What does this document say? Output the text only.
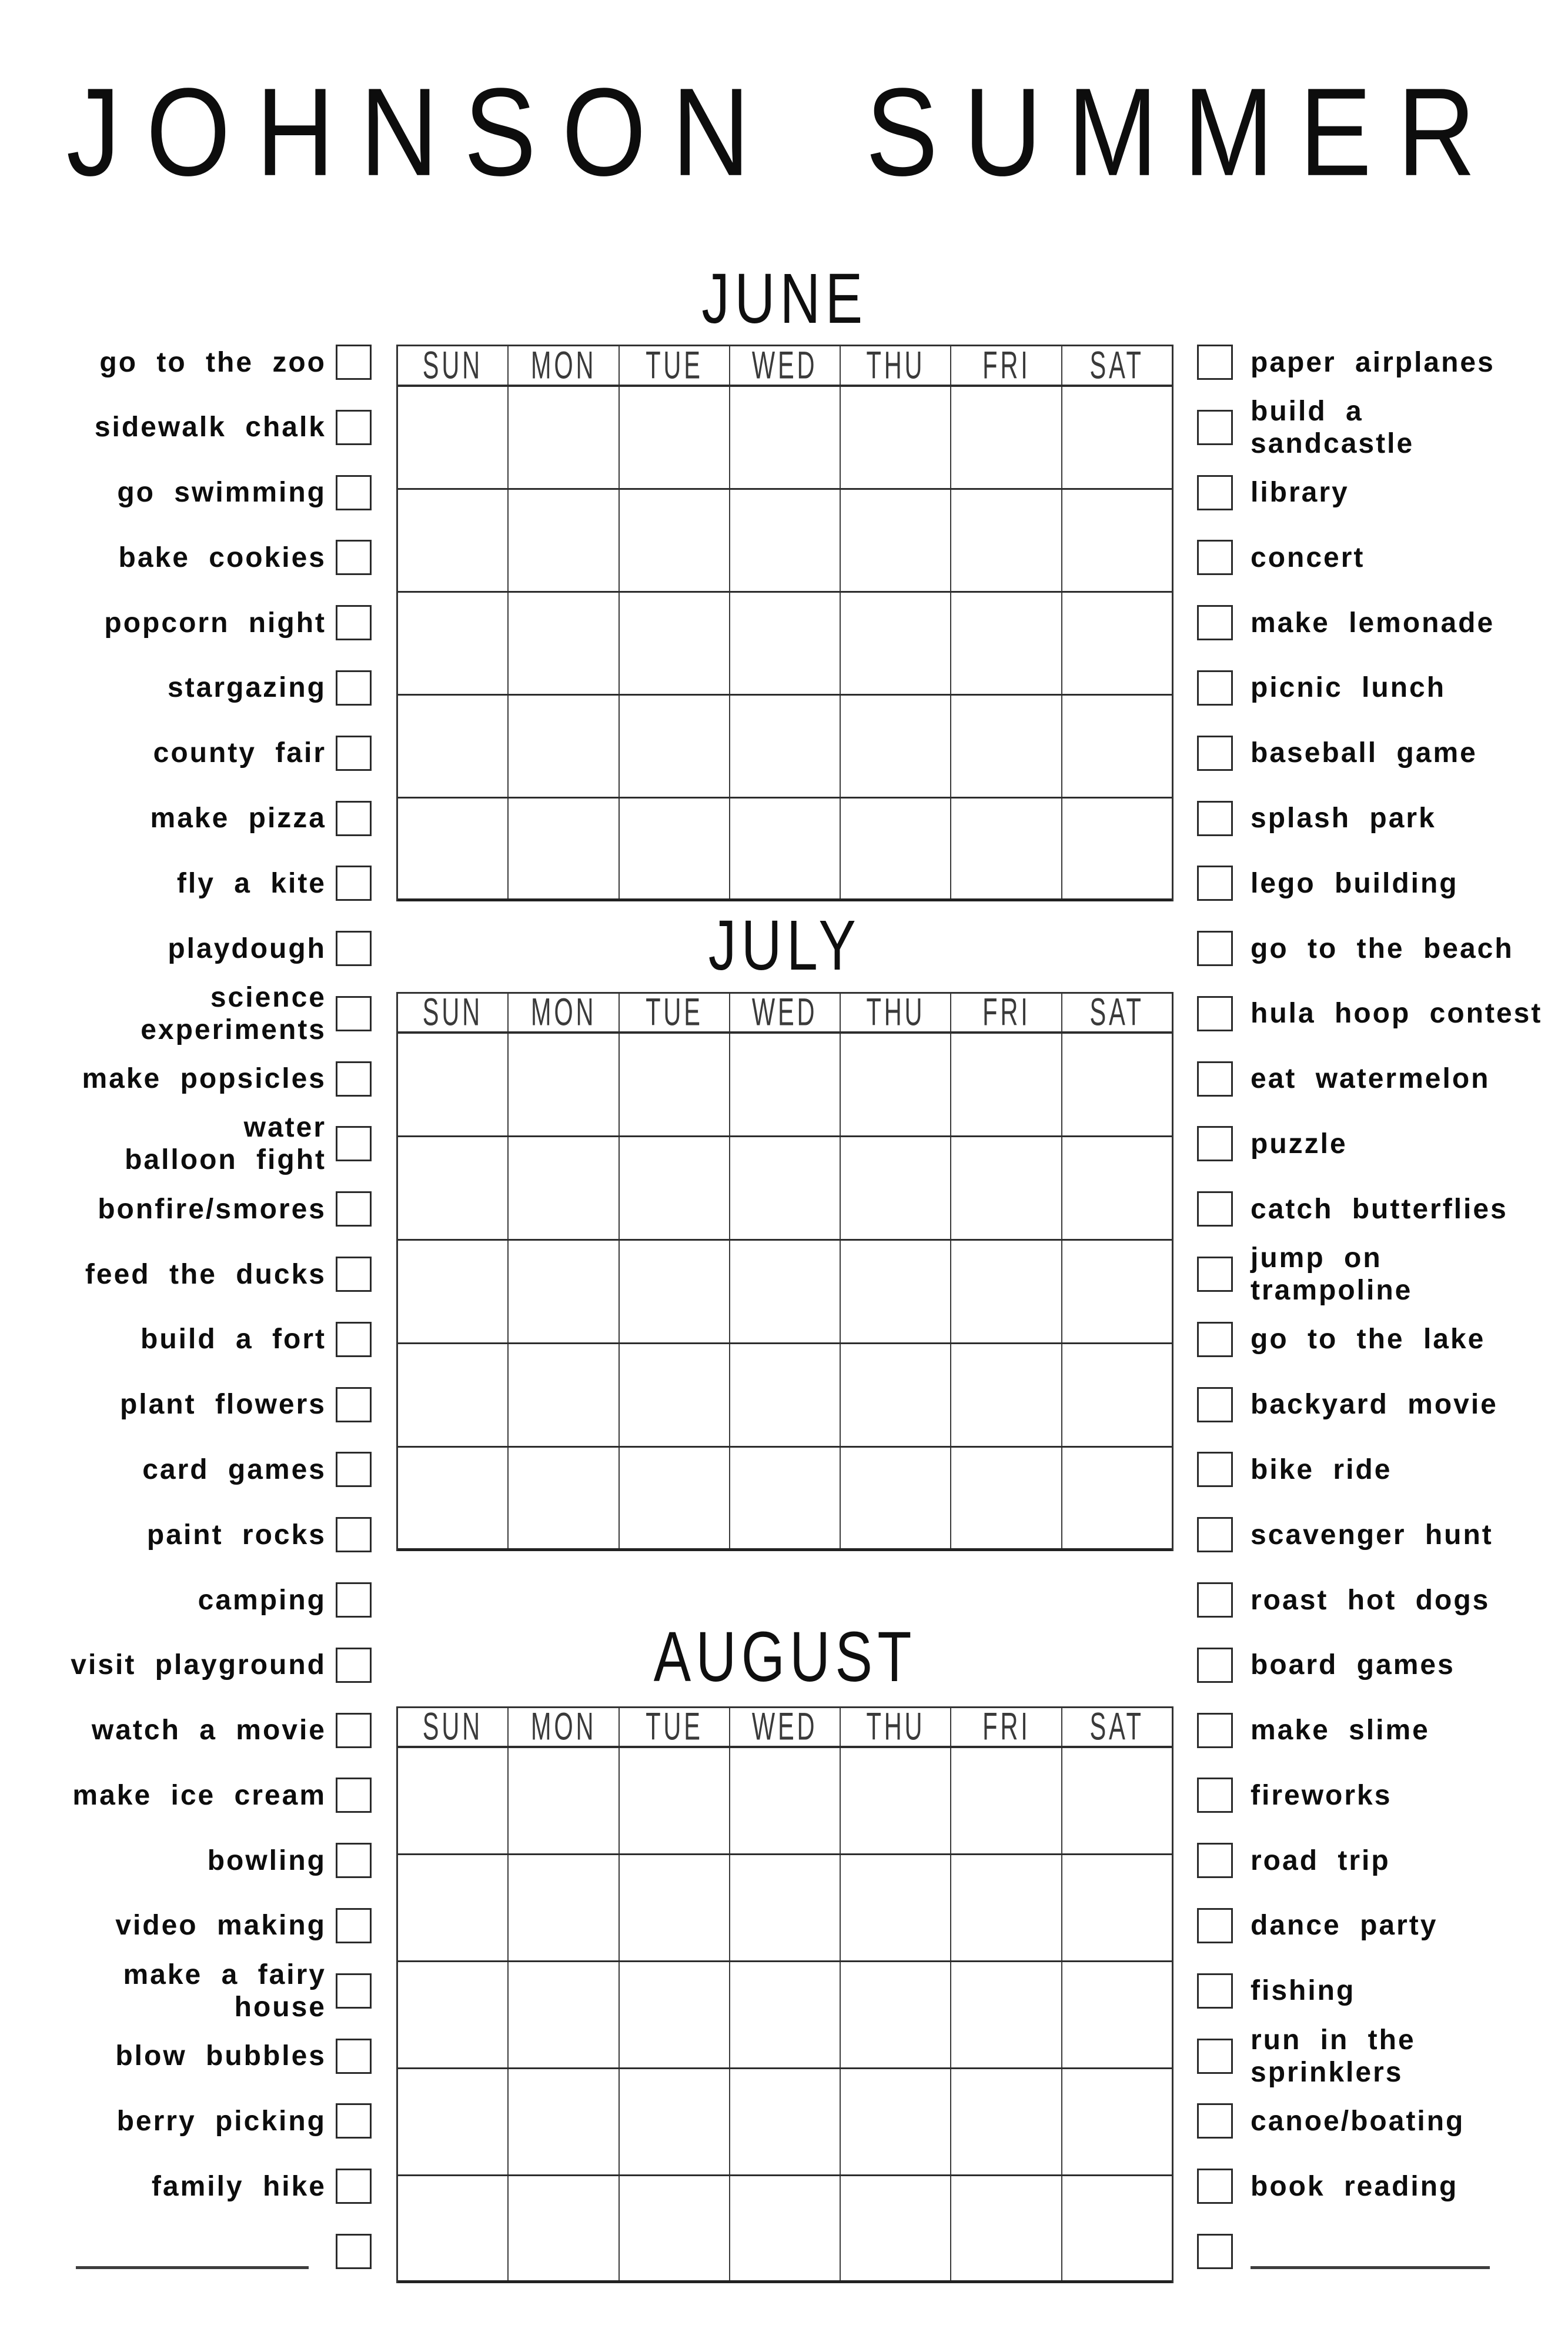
JOHNSON SUMMER
JUNE
SUN MON TUE WED THU FRI SAT
JULY
SUN MON TUE WED THU FRI SAT
AUGUST
SUN MON TUE WED THU FRI SAT
go to the zoo
sidewalk chalk
go swimming
bake cookies
popcorn night
stargazing
county fair
make pizza
fly a kite
playdough
science
experiments
make popsicles
water
balloon fight
bonfire/smores
feed the ducks
build a fort
plant flowers
card games
paint rocks
camping
visit playground
watch a movie
make ice cream
bowling
video making
make a fairy
house
blow bubbles
berry picking
family hike
paper airplanes
build a
sandcastle
library
concert
make lemonade
picnic lunch
baseball game
splash park
lego building
go to the beach
hula hoop contest
eat watermelon
puzzle
catch butterflies
jump on
trampoline
go to the lake
backyard movie
bike ride
scavenger hunt
roast hot dogs
board games
make slime
fireworks
road trip
dance party
fishing
run in the
sprinklers
canoe/boating
book reading
